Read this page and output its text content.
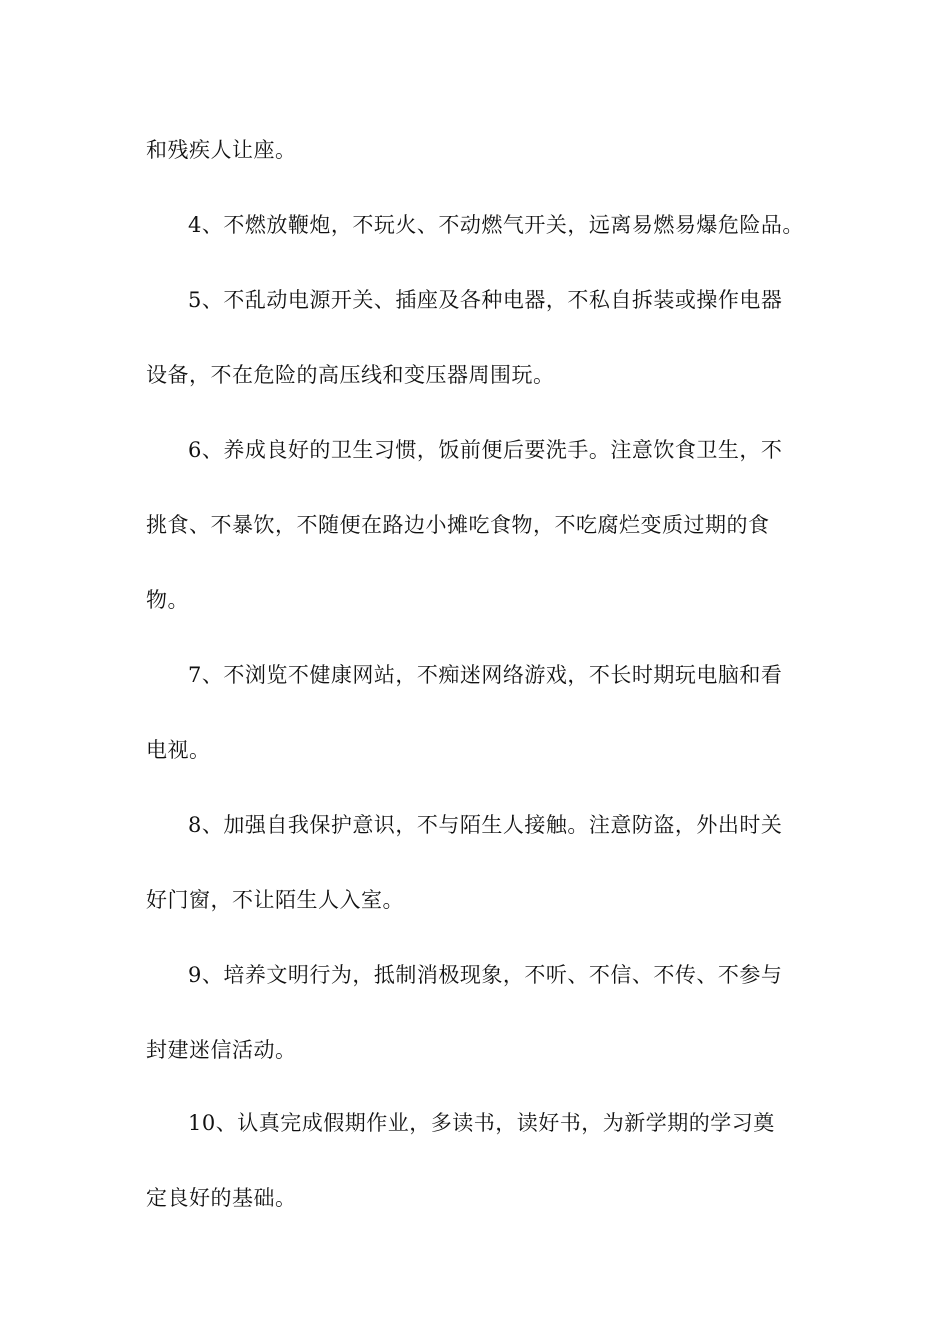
和残疾人让座。
4、不燃放鞭炮，不玩火、不动燃气开关，远离易燃易爆危险品。
5、不乱动电源开关、插座及各种电器，不私自拆装或操作电器
设备，不在危险的高压线和变压器周围玩。
6、养成良好的卫生习惯，饭前便后要洗手。注意饮食卫生，不
挑食、不暴饮，不随便在路边小摊吃食物，不吃腐烂变质过期的食
物。
7、不浏览不健康网站，不痴迷网络游戏，不长时期玩电脑和看
电视。
8、加强自我保护意识，不与陌生人接触。注意防盗，外出时关
好门窗，不让陌生人入室。
9、培养文明行为，抵制消极现象，不听、不信、不传、不参与
封建迷信活动。
10、认真完成假期作业，多读书，读好书，为新学期的学习奠
定良好的基础。
